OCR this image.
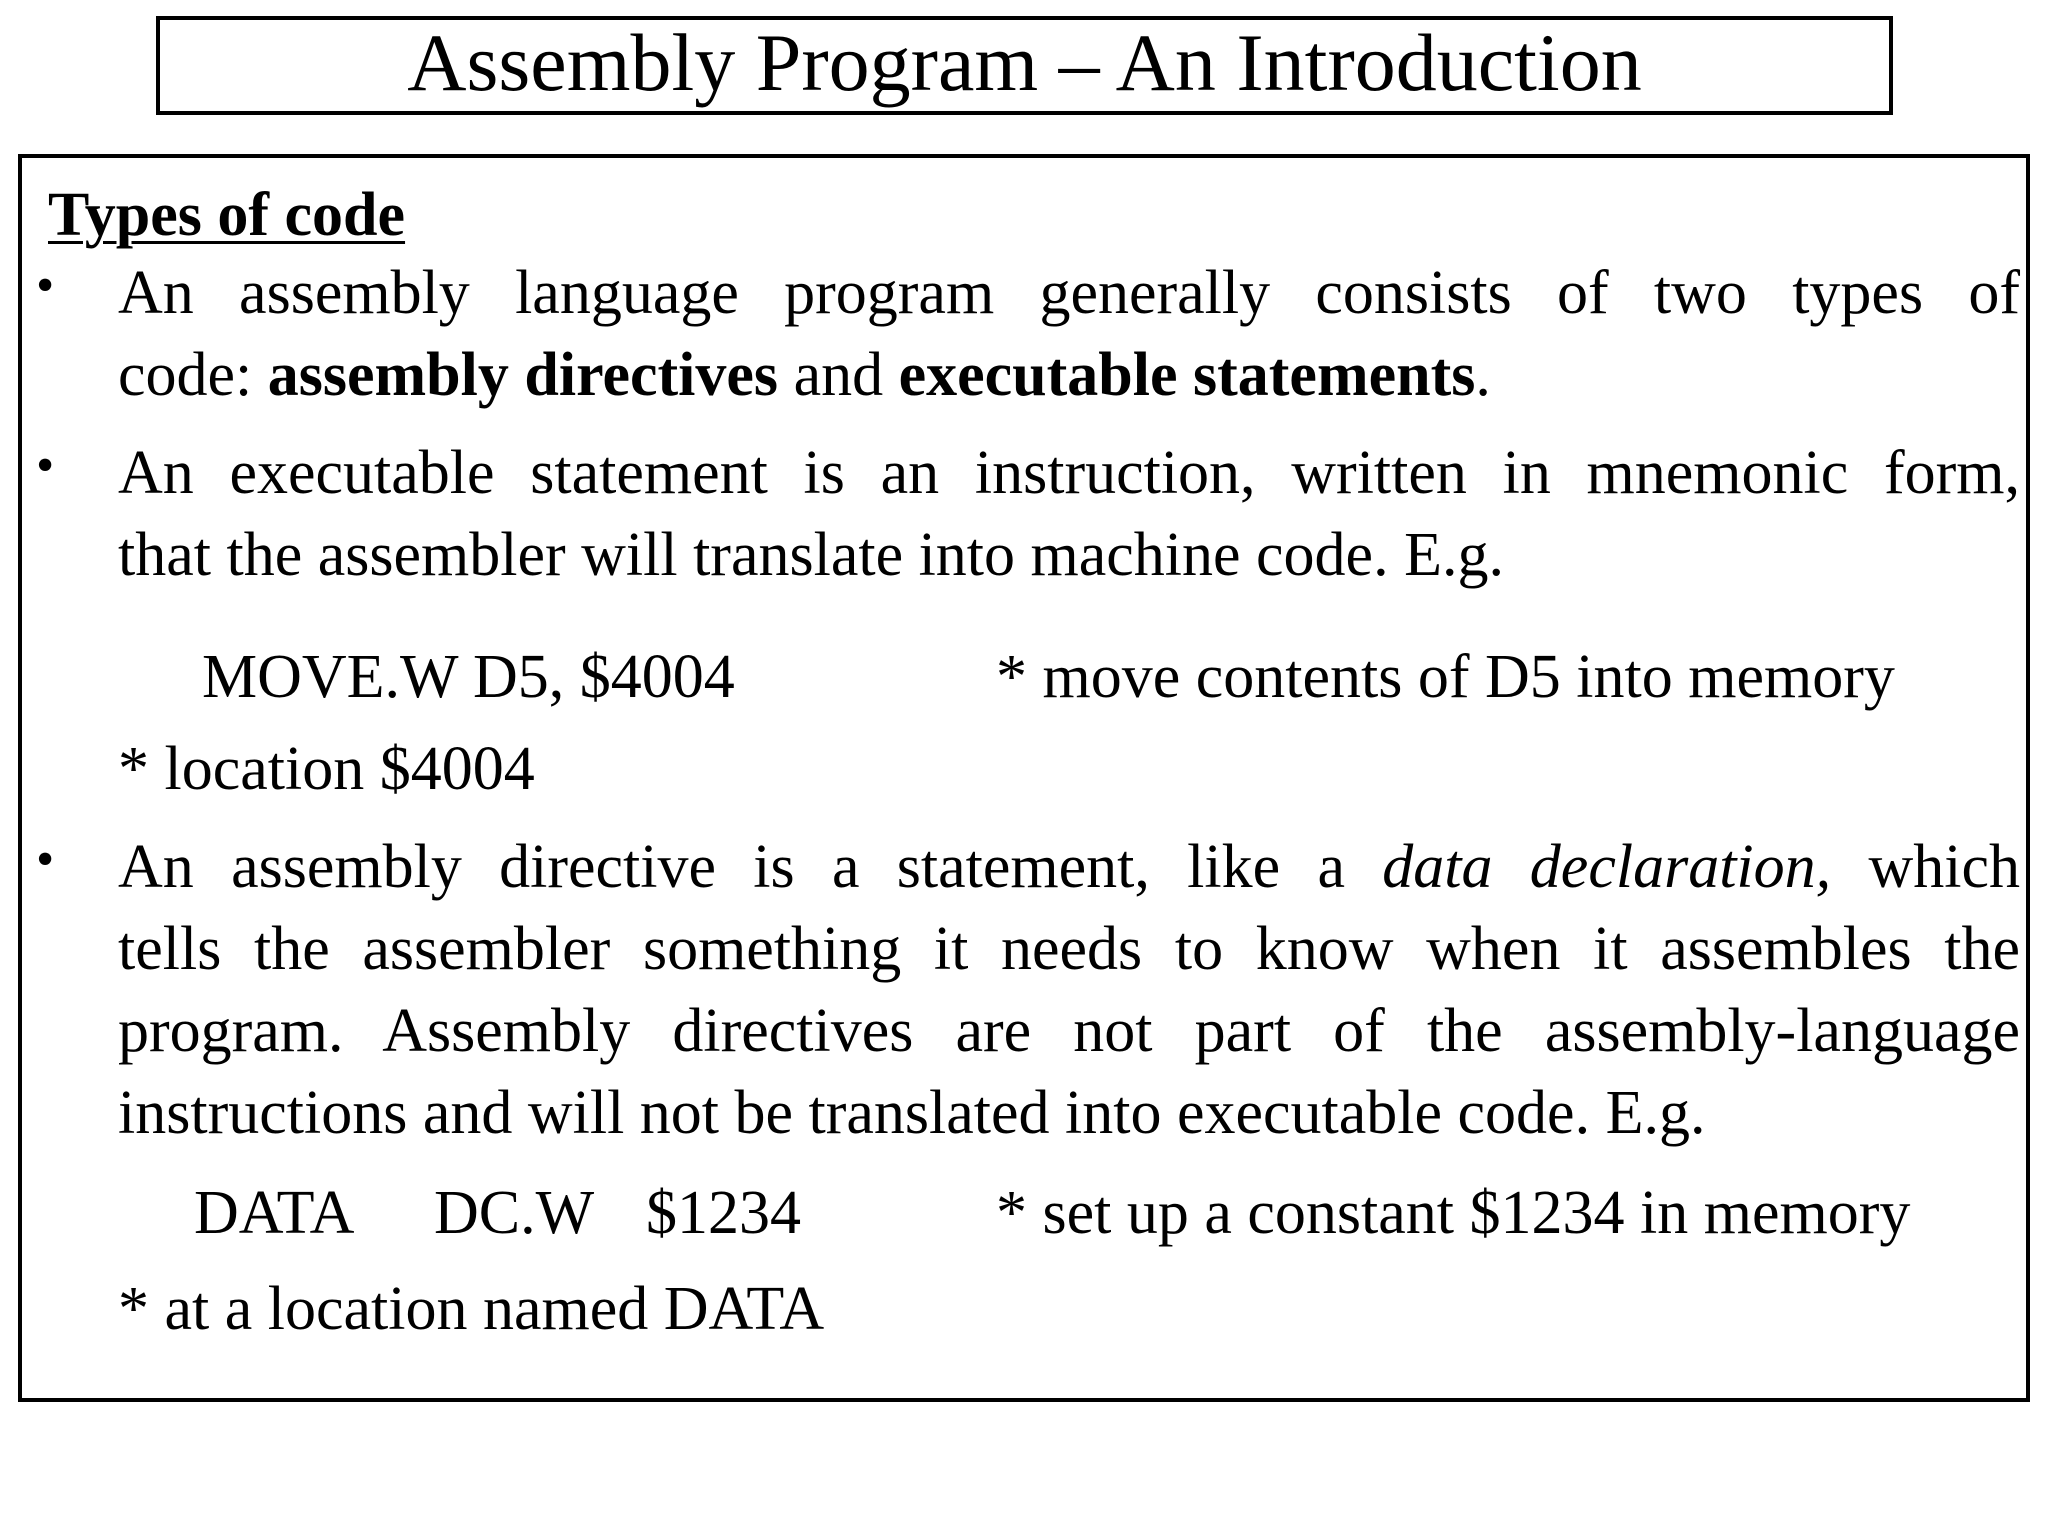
Assembly Program – An Introduction
Types of code
• An assembly language program generally consists of two types of
code: assembly directives and executable statements.
• An executable statement is an instruction, written in mnemonic form,
that the assembler will translate into machine code. E.g.
MOVE.W D5, $4004	* move contents of D5 into memory
* location $4004
• An assembly directive is a statement, like a data declaration, which
tells the assembler something it needs to know when it assembles the
program. Assembly directives are not part of the assembly-language
instructions and will not be translated into executable code. E.g.
DATA DC.W $1234	* set up a constant $1234 in memory
* at a location named DATA
